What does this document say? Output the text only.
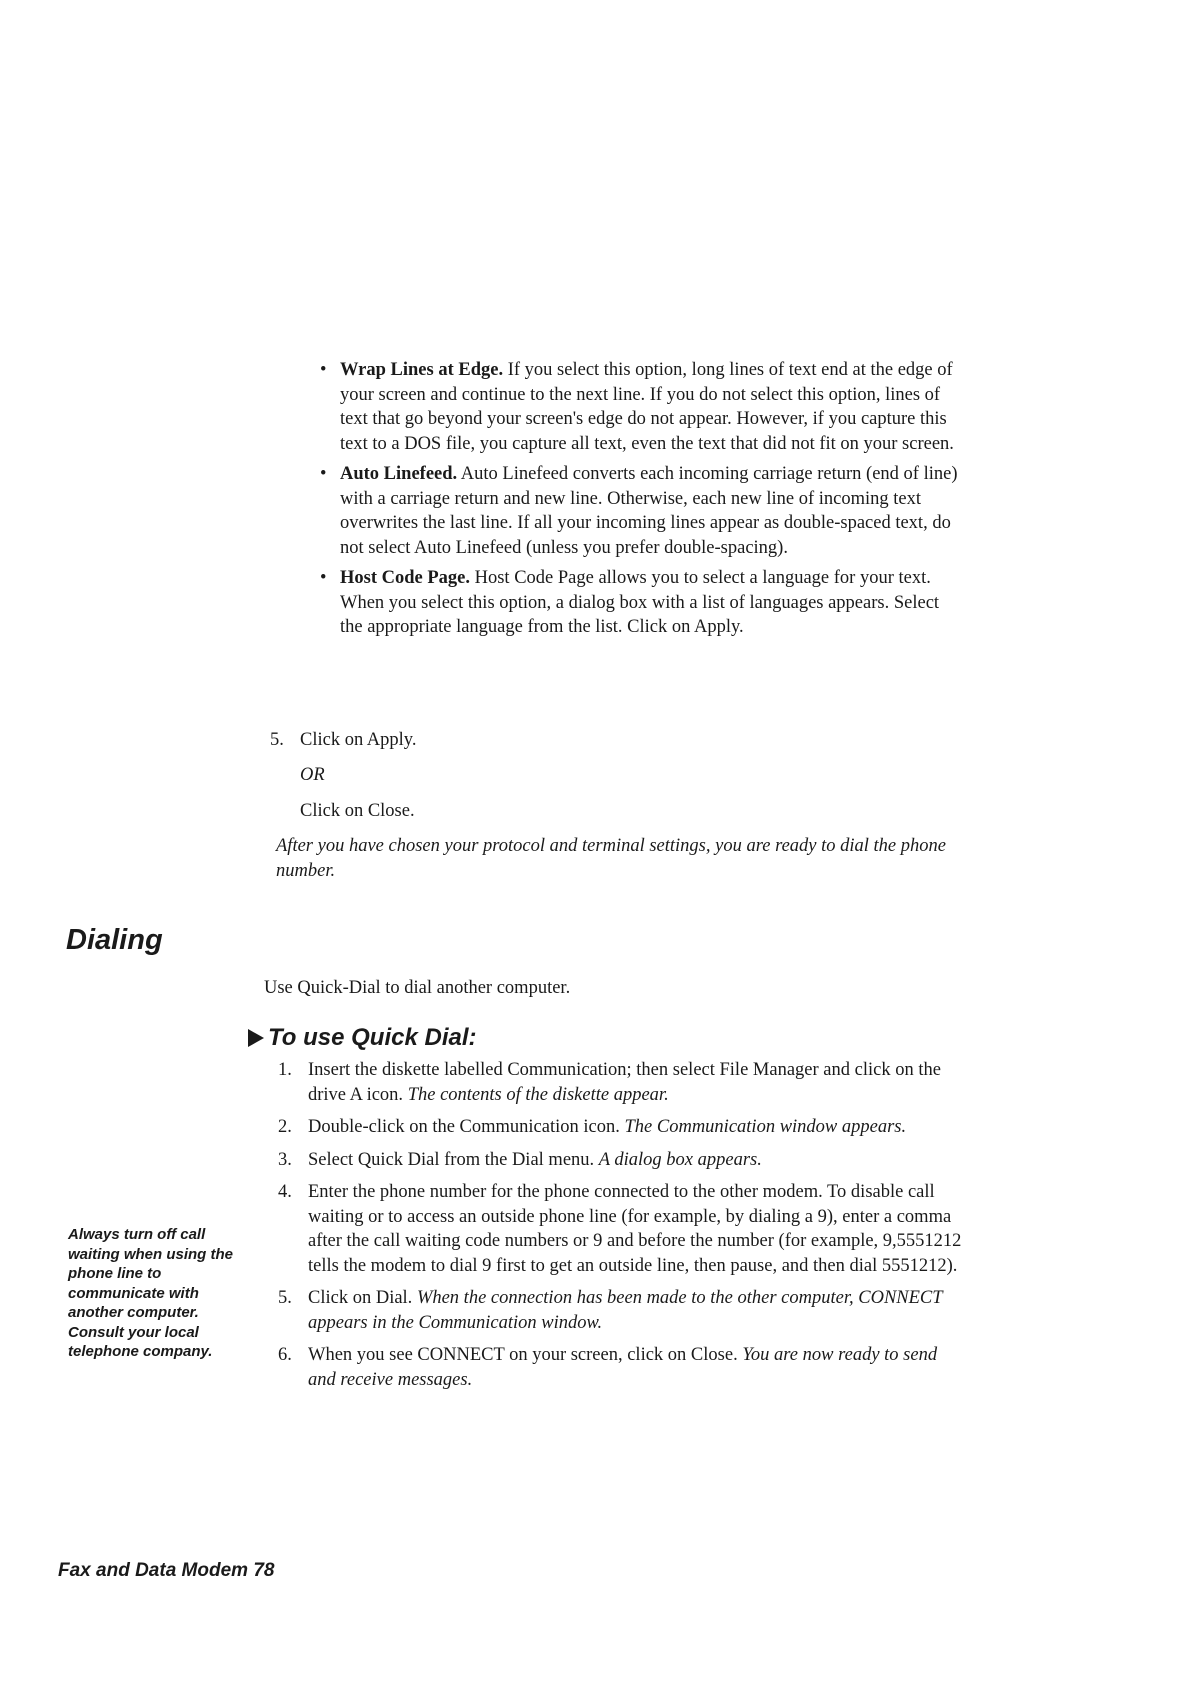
• Wrap Lines at Edge. If you select this option, long lines of text end at the edge of your screen and continue to the next line. If you do not select this option, lines of text that go beyond your screen's edge do not appear. However, if you capture this text to a DOS file, you capture all text, even the text that did not fit on your screen.
• Auto Linefeed. Auto Linefeed converts each incoming carriage return (end of line) with a carriage return and new line. Otherwise, each new line of incoming text overwrites the last line. If all your incoming lines appear as double-spaced text, do not select Auto Linefeed (unless you prefer double-spacing).
• Host Code Page. Host Code Page allows you to select a language for your text. When you select this option, a dialog box with a list of languages appears. Select the appropriate language from the list. Click on Apply.
5. Click on Apply.
OR
Click on Close.
After you have chosen your protocol and terminal settings, you are ready to dial the phone number.
Dialing
Use Quick-Dial to dial another computer.
To use Quick Dial:
1. Insert the diskette labelled Communication; then select File Manager and click on the drive A icon. The contents of the diskette appear.
2. Double-click on the Communication icon. The Communication window appears.
3. Select Quick Dial from the Dial menu. A dialog box appears.
4. Enter the phone number for the phone connected to the other modem. To disable call waiting or to access an outside phone line (for example, by dialing a 9), enter a comma after the call waiting code numbers or 9 and before the number (for example, 9,5551212 tells the modem to dial 9 first to get an outside line, then pause, and then dial 5551212).
5. Click on Dial. When the connection has been made to the other computer, CONNECT appears in the Communication window.
6. When you see CONNECT on your screen, click on Close. You are now ready to send and receive messages.
Always turn off call waiting when using the phone line to communicate with another computer. Consult your local telephone company.
Fax and Data Modem 78
